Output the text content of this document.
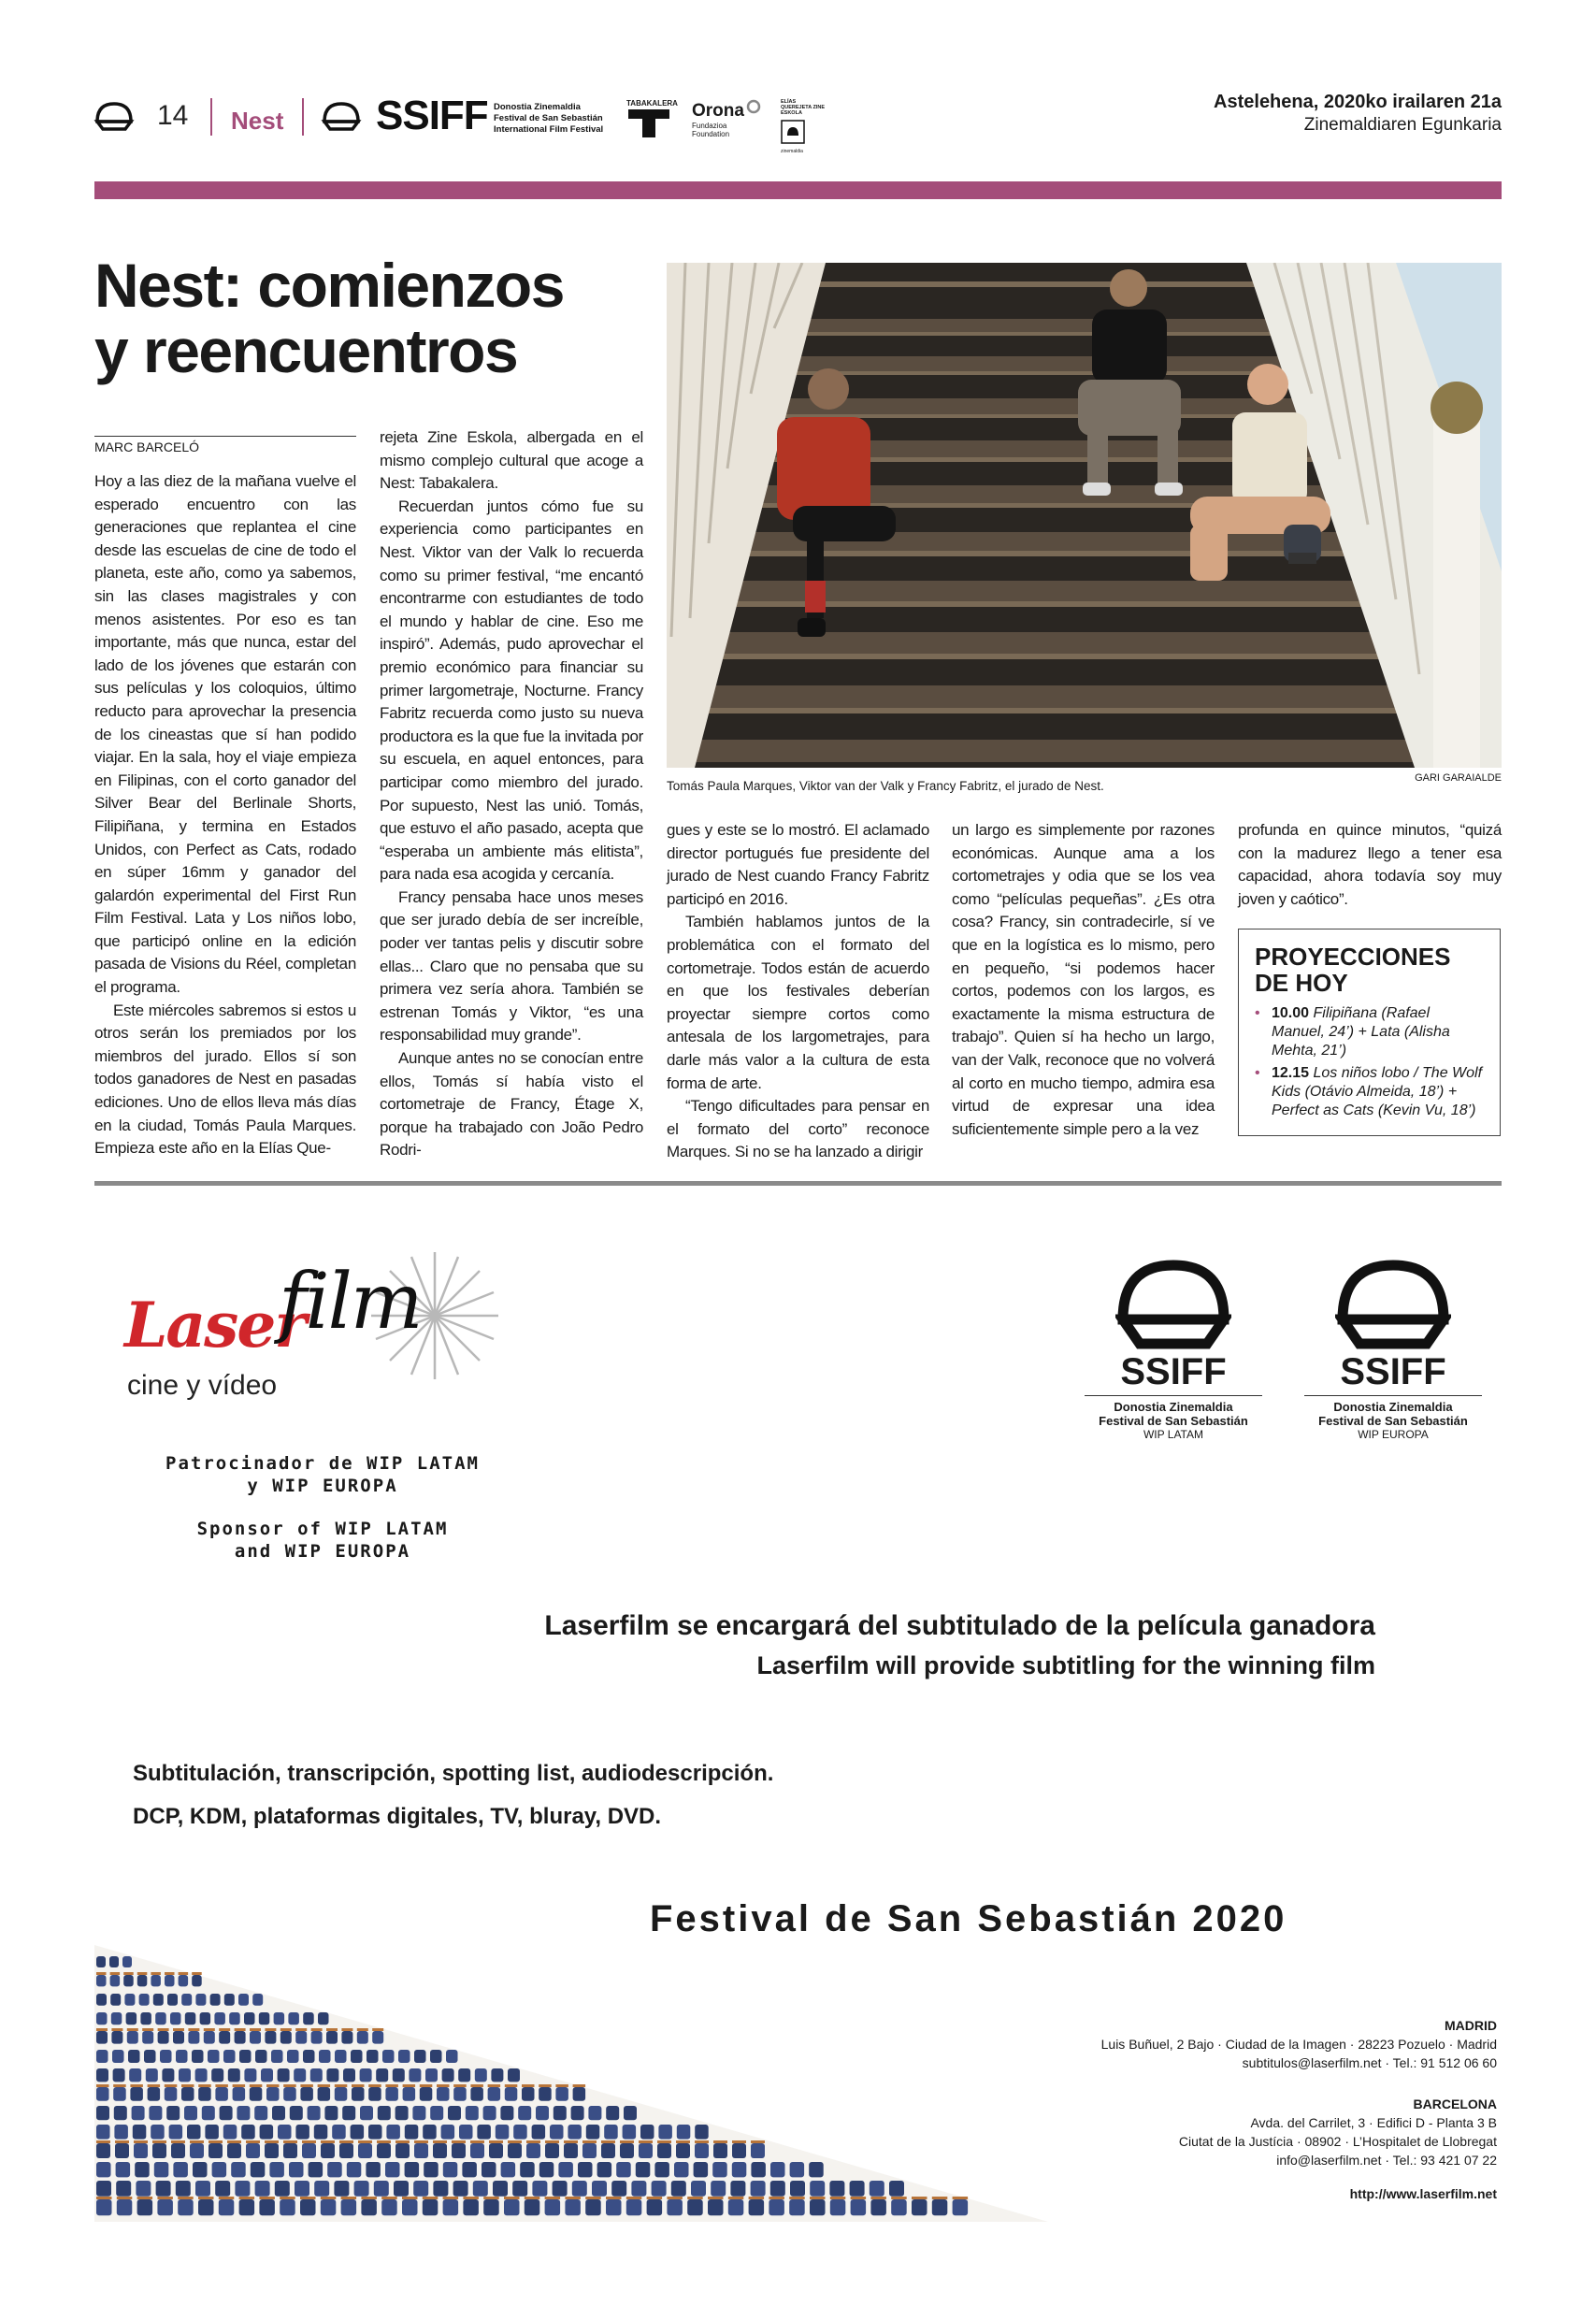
14 Nest SSIFF Donostia Zinemaldia
Festival de San Sebastián
International Film Festival
TABAKALERA Orona
Fundazioa
Foundation
ELÍAS QUEREJETA ZINE ESKOLA
zinemaldia
Astelehena, 2020ko irailaren 21a
Zinemaldiaren Egunkaria
Nest: comienzos
y reencuentros
MARC BARCELÓ

Hoy a las diez de la mañana vuelve el esperado encuentro con las generaciones que replantea el cine desde las escuelas de cine de todo el planeta, este año, como ya sabemos, sin las clases magistrales y con menos asistentes. Por eso es tan importante, más que nunca, estar del lado de los jóvenes que estarán con sus películas y los coloquios, último reducto para aprovechar la presencia de los cineastas que sí han podido viajar. En la sala, hoy el viaje empieza en Filipinas, con el corto ganador del Silver Bear del Berlinale Shorts, Filipiñana, y termina en Estados Unidos, con Perfect as Cats, rodado en súper 16mm y ganador del galardón experimental del First Run Film Festival. Lata y Los niños lobo, que participó online en la edición pasada de Visions du Réel, completan el programa.

Este miércoles sabremos si estos u otros serán los premiados por los miembros del jurado. Ellos sí son todos ganadores de Nest en pasadas ediciones. Uno de ellos lleva más días en la ciudad, Tomás Paula Marques. Empieza este año en la Elías Que-

rejeta Zine Eskola, albergada en el mismo complejo cultural que acoge a Nest: Tabakalera.

Recuerdan juntos cómo fue su experiencia como participantes en Nest. Viktor van der Valk lo recuerda como su primer festival, “me encantó encontrarme con estudiantes de todo el mundo y hablar de cine. Eso me inspiró”. Además, pudo aprovechar el premio económico para financiar su primer largometraje, Nocturne. Francy Fabritz recuerda como justo su nueva productora es la que fue la invitada por su escuela, en aquel entonces, para participar como miembro del jurado. Por supuesto, Nest las unió. Tomás, que estuvo el año pasado, acepta que “esperaba un ambiente más elitista”, para nada esa acogida y cercanía.

Francy pensaba hace unos meses que ser jurado debía de ser increíble, poder ver tantas pelis y discutir sobre ellas... Claro que no pensaba que su primera vez sería ahora. También se estrenan Tomás y Viktor, “es una responsabilidad muy grande”.

Aunque antes no se conocían entre ellos, Tomás sí había visto el cortometraje de Francy, Étage X, porque ha trabajado con João Pedro Rodri-

Tomás Paula Marques, Viktor van der Valk y Francy Fabritz, el jurado de Nest.
GARI GARAIALDE

gues y este se lo mostró. El aclamado director portugués fue presidente del jurado de Nest cuando Francy Fabritz participó en 2016.

También hablamos juntos de la problemática con el formato del cortometraje. Todos están de acuerdo en que los festivales deberían proyectar siempre cortos como antesala de los largometrajes, para darle más valor a la cultura de esta forma de arte.

“Tengo dificultades para pensar en el formato del corto” reconoce Marques. Si no se ha lanzado a dirigir

un largo es simplemente por razones económicas. Aunque ama a los cortometrajes y odia que se los vea como “películas pequeñas”. ¿Es otra cosa? Francy, sin contradecirle, sí ve que en la logística es lo mismo, pero en pequeño, “si podemos hacer cortos, podemos con los largos, es exactamente la misma estructura de trabajo”. Quien sí ha hecho un largo, van der Valk, reconoce que no volverá al corto en mucho tiempo, admira esa virtud de expresar una idea suficientemente simple pero a la vez

profunda en quince minutos, “quizá con la madurez llego a tener esa capacidad, ahora todavía soy muy joven y caótico”.

PROYECCIONES
DE HOY
• 10.00 Filipiñana (Rafael Manuel, 24’) + Lata (Alisha Mehta, 21’)
• 12.15 Los niños lobo / The Wolf Kids (Otávio Almeida, 18’) + Perfect as Cats (Kevin Vu, 18’)
Laser
film
cine y vídeo
Patrocinador de WIP LATAM
y WIP EUROPA
Sponsor of WIP LATAM
and WIP EUROPA
SSIFF
Donostia Zinemaldia
Festival de San Sebastián
WIP LATAM
SSIFF
Donostia Zinemaldia
Festival de San Sebastián
WIP EUROPA
Laserfilm se encargará del subtitulado de la película ganadora
Laserfilm will provide subtitling for the winning film
Subtitulación, transcripción, spotting list, audiodescripción.
DCP, KDM, plataformas digitales, TV, bluray, DVD.
Festival de San Sebastián 2020
MADRID
Luis Buñuel, 2 Bajo · Ciudad de la Imagen · 28223 Pozuelo · Madrid
subtitulos@laserfilm.net · Tel.: 91 512 06 60
BARCELONA
Avda. del Carrilet, 3 · Edifici D - Planta 3 B
Ciutat de la Justícia · 08902 · L’Hospitalet de Llobregat
info@laserfilm.net · Tel.: 93 421 07 22
http://www.laserfilm.net
